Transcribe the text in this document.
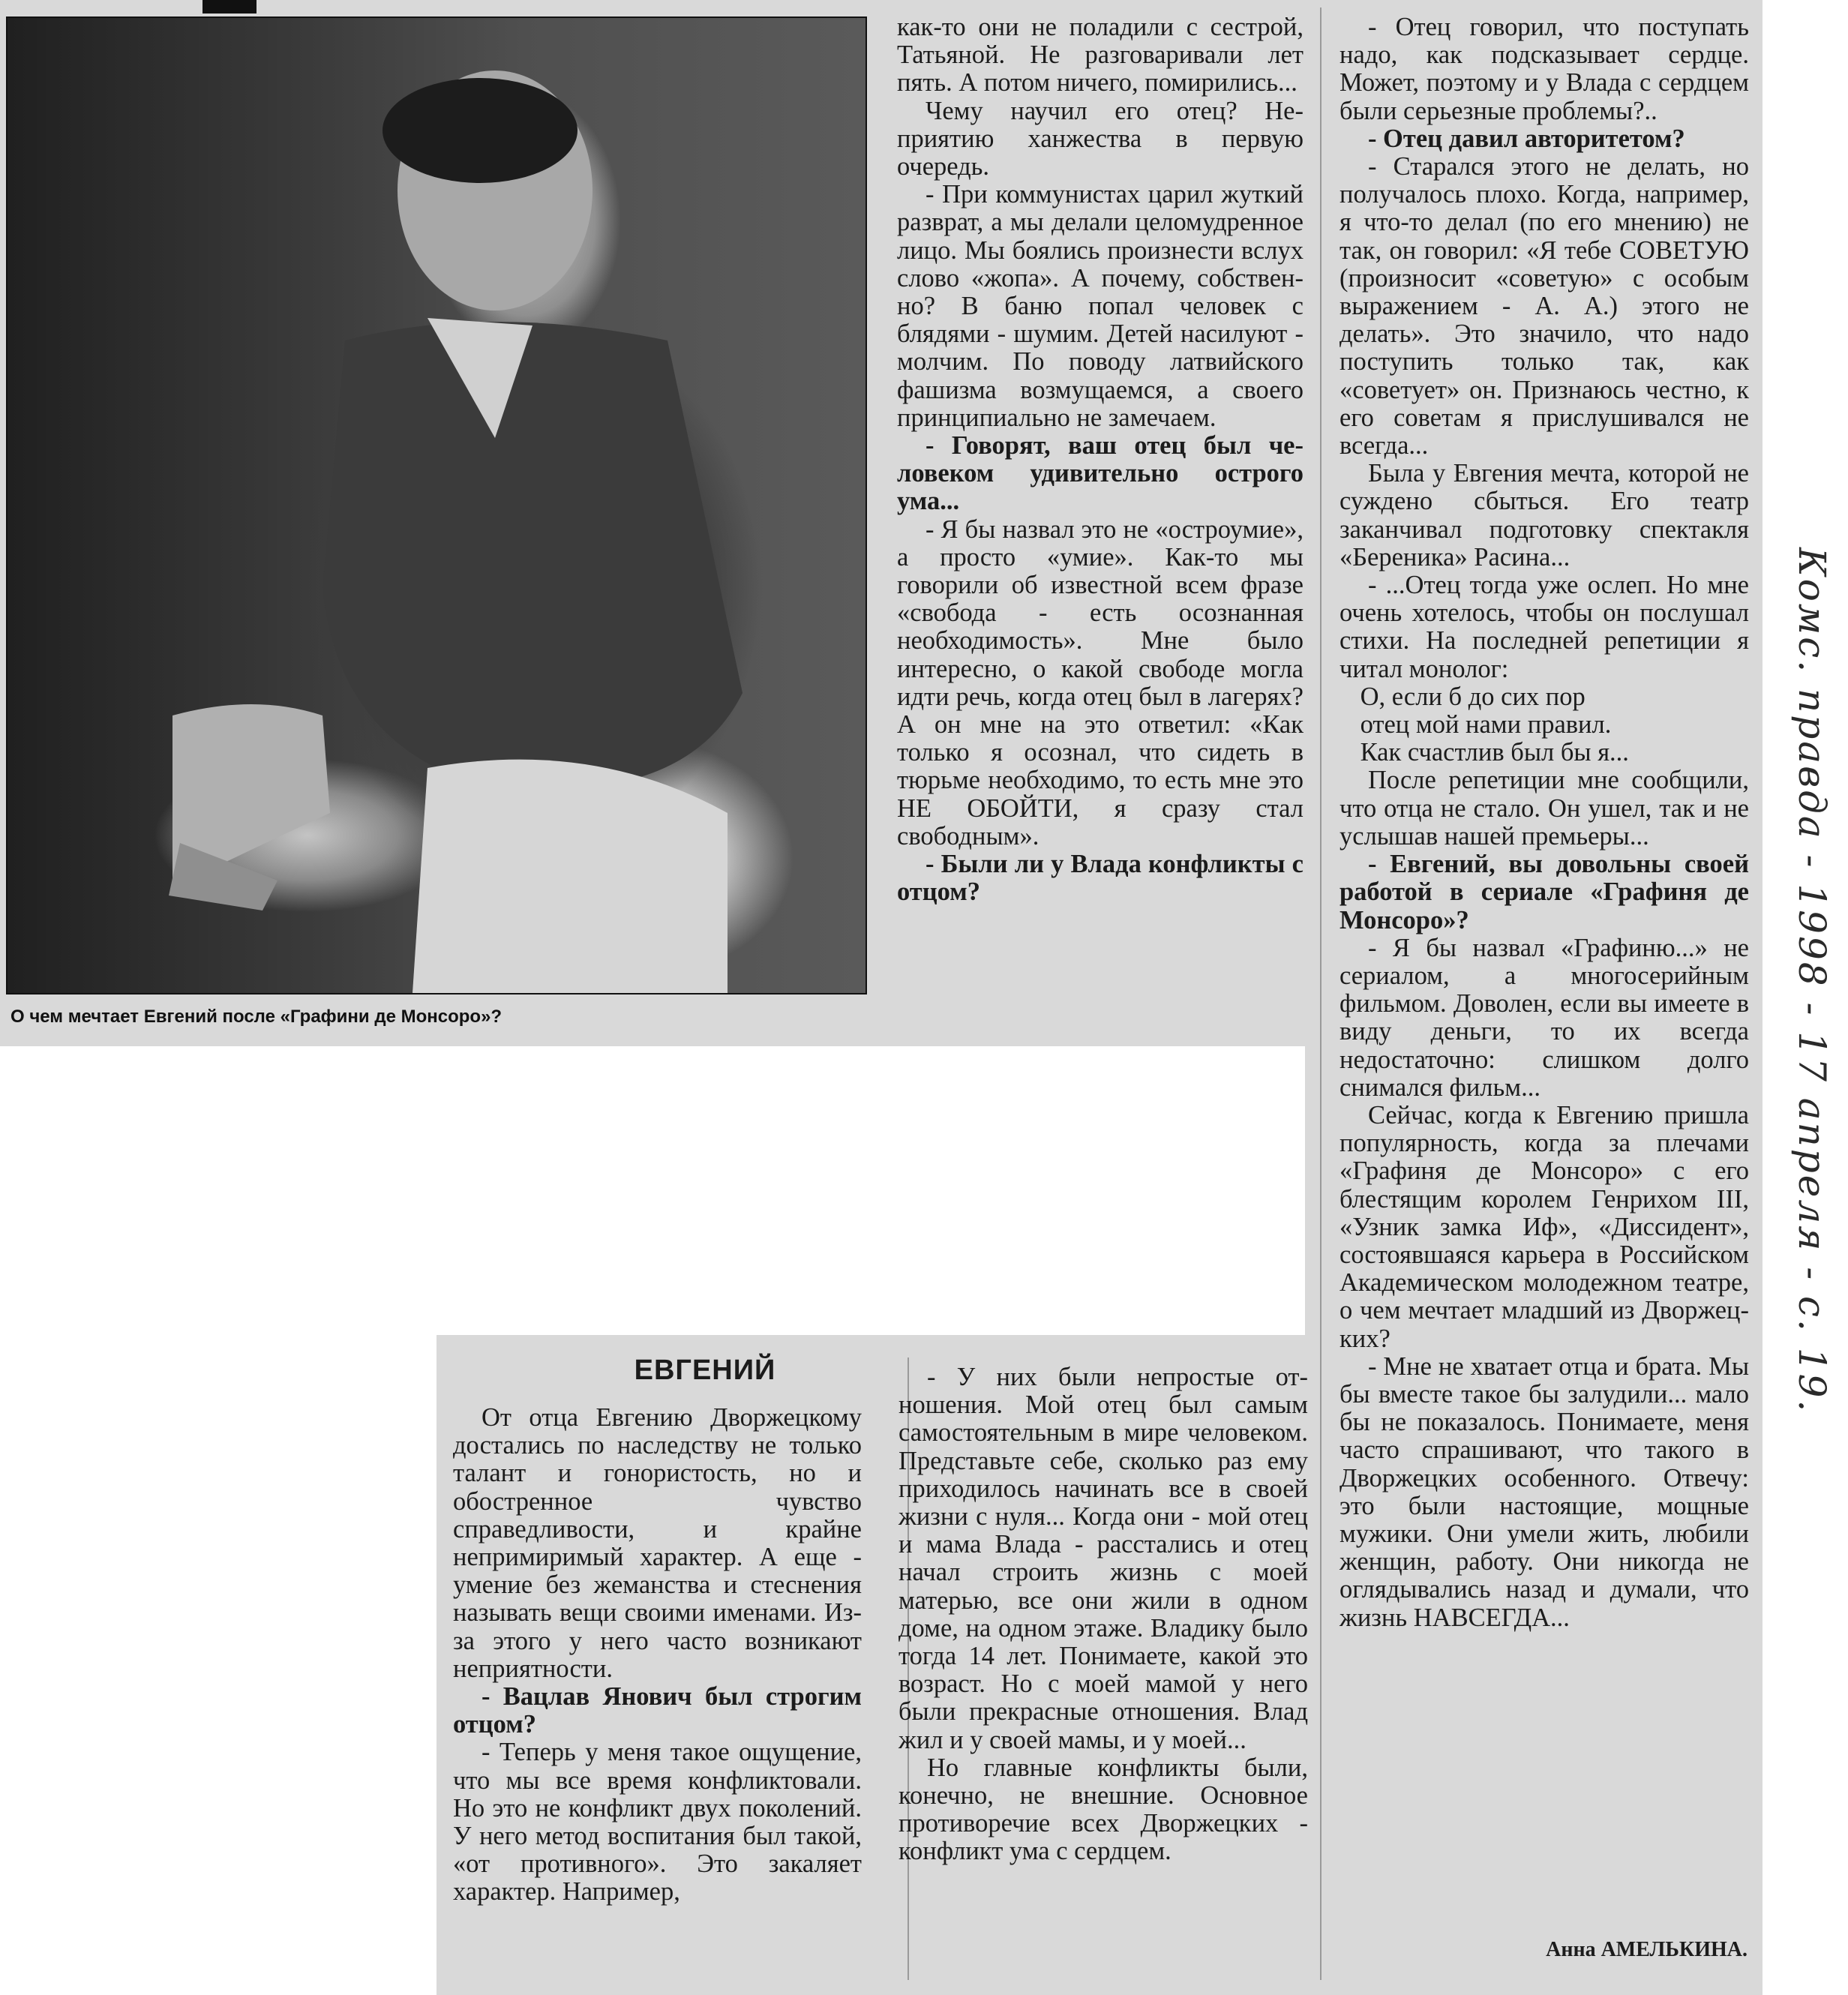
О чем мечтает Евгений после «Графини де Монсоро»?

как-то они не поладили с сестрой, Татьяной. Не разговаривали лет пять. А потом ничего, помирились...

Чему научил его отец? Неприятию ханжества в первую очередь.

- При коммунистах царил жуткий разврат, а мы делали целомудренное лицо. Мы боялись произнести вслух слово «жопа». А почему, собственно? В баню попал человек с блядями - шумим. Детей насилуют - молчим. По поводу латвийского фашизма возмущаемся, а своего принципиально не замечаем.

- Говорят, ваш отец был человеком удивительно острого ума...

- Я бы назвал это не «остроумие», а просто «умие». Как-то мы говорили об известной всем фразе «свобода - есть осознанная необходимость». Мне было интересно, о какой свободе могла идти речь, когда отец был в лагерях? А он мне на это ответил: «Как только я осознал, что сидеть в тюрьме необходимо, то есть мне это НЕ ОБОЙТИ, я сразу стал свободным».

- Были ли у Влада конфликты с отцом?

- Отец говорил, что поступать надо, как подсказывает сердце. Может, поэтому и у Влада с сердцем были серьезные проблемы?..

- Отец давил авторитетом?

- Старался этого не делать, но получалось плохо. Когда, например, я что-то делал (по его мнению) не так, он говорил: «Я тебе СОВЕТУЮ (произносит «советую» с особым выражением - А. А.) этого не делать». Это значило, что надо поступить только так, как «советует» он. Признаюсь честно, к его советам я прислушивался не всегда...

Была у Евгения мечта, которой не суждено сбыться. Его театр заканчивал подготовку спектакля «Береника» Расина...

- ...Отец тогда уже ослеп. Но мне очень хотелось, чтобы он послушал стихи. На последней репетиции я читал монолог:

О, если б до сих пор

отец мой нами правил.

Как счастлив был бы я...

После репетиции мне сообщили, что отца не стало. Он ушел, так и не услышав нашей премьеры...

- Евгений, вы довольны своей работой в сериале «Графиня де Монсоро»?

- Я бы назвал «Графиню...» не сериалом, а многосерийным фильмом. Доволен, если вы имеете в виду деньги, то их всегда недостаточно: слишком долго снимался фильм...

Сейчас, когда к Евгению пришла популярность, когда за плечами «Графиня де Монсоро» с его блестящим королем Генрихом III, «Узник замка Иф», «Диссидент», состоявшаяся карьера в Российском Академическом молодежном театре, о чем мечтает младший из Дворжецких?

- Мне не хватает отца и брата. Мы бы вместе такое бы залудили... мало бы не показалось. Понимаете, меня часто спрашивают, что такого в Дворжецких особенного. Отвечу: это были настоящие, мощные мужики. Они умели жить, любили женщин, работу. Они никогда не оглядывались назад и думали, что жизнь НАВСЕГДА...

ЕВГЕНИЙ

От отца Евгению Дворжецкому достались по наследству не только талант и гонористость, но и обостренное чувство справедливости, и крайне непримиримый характер. А еще - умение без жеманства и стеснения называть вещи своими именами. Из-за этого у него часто возникают неприятности.

- Вацлав Янович был строгим отцом?

- Теперь у меня такое ощущение, что мы все время конфликтовали. Но это не конфликт двух поколений. У него метод воспитания был такой, «от противного». Это закаляет характер. Например,

- У них были непростые отношения. Мой отец был самым самостоятельным в мире человеком. Представьте себе, сколько раз ему приходилось начинать все в своей жизни с нуля... Когда они - мой отец и мама Влада - расстались и отец начал строить жизнь с моей матерью, все они жили в одном доме, на одном этаже. Владику было тогда 14 лет. Понимаете, какой это возраст. Но с моей мамой у него были прекрасные отношения. Влад жил и у своей мамы, и у моей...

Но главные конфликты были, конечно, не внешние. Основное противоречие всех Дворжецких - конфликт ума с сердцем.

Анна АМЕЛЬКИНА.
Комс. правда - 1998 - 17 апреля - с. 19.
